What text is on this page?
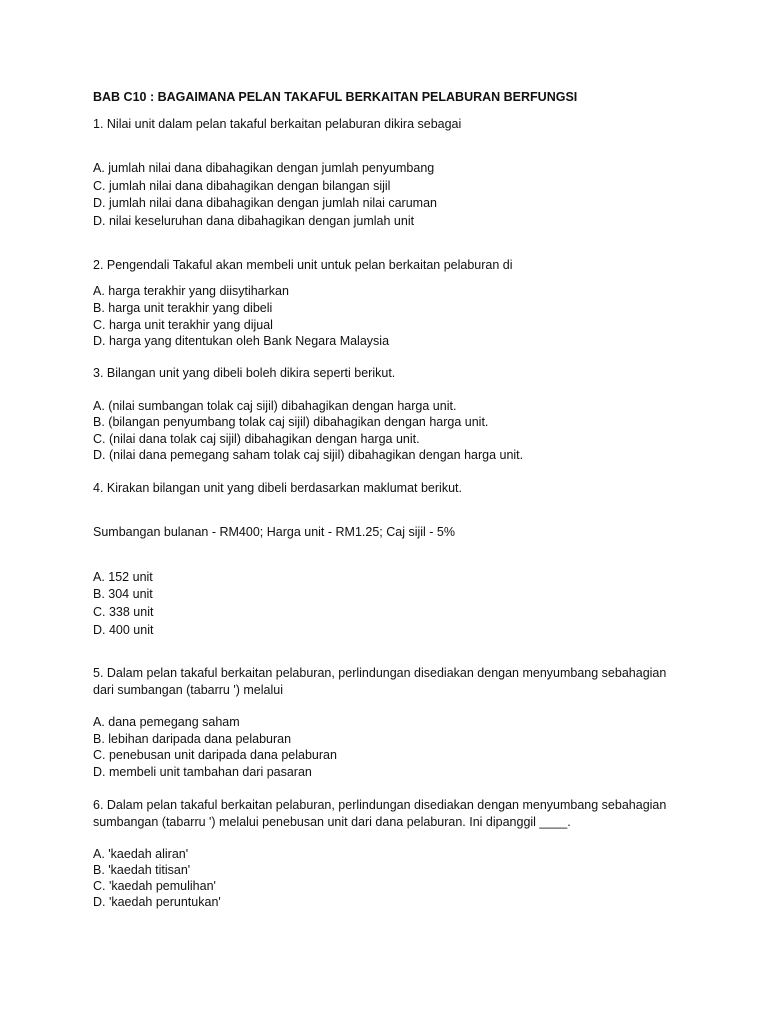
BAB C10 : BAGAIMANA PELAN TAKAFUL BERKAITAN PELABURAN BERFUNGSI

1. Nilai unit dalam pelan takaful berkaitan pelaburan dikira sebagai

A. jumlah nilai dana dibahagikan dengan jumlah penyumbang

C. jumlah nilai dana dibahagikan dengan bilangan sijil

D. jumlah nilai dana dibahagikan dengan jumlah nilai caruman

D. nilai keseluruhan dana dibahagikan dengan jumlah unit

2. Pengendali Takaful akan membeli unit untuk pelan berkaitan pelaburan di

A. harga terakhir yang diisytiharkan

B. harga unit terakhir yang dibeli

C. harga unit terakhir yang dijual

D. harga yang ditentukan oleh Bank Negara Malaysia

3. Bilangan unit yang dibeli boleh dikira seperti berikut.

A. (nilai sumbangan tolak caj sijil) dibahagikan dengan harga unit.

B. (bilangan penyumbang tolak caj sijil) dibahagikan dengan harga unit.

C. (nilai dana tolak caj sijil) dibahagikan dengan harga unit.

D. (nilai dana pemegang saham tolak caj sijil) dibahagikan dengan harga unit.

4. Kirakan bilangan unit yang dibeli berdasarkan maklumat berikut.

Sumbangan bulanan - RM400; Harga unit - RM1.25; Caj sijil - 5%

A. 152 unit

B. 304 unit

C. 338 unit

D. 400 unit

5. Dalam pelan takaful berkaitan pelaburan, perlindungan disediakan dengan menyumbang sebahagian

dari sumbangan (tabarru ') melalui

A. dana pemegang saham

B. lebihan daripada dana pelaburan

C. penebusan unit daripada dana pelaburan

D. membeli unit tambahan dari pasaran

6. Dalam pelan takaful berkaitan pelaburan, perlindungan disediakan dengan menyumbang sebahagian

sumbangan (tabarru ') melalui penebusan unit dari dana pelaburan. Ini dipanggil ____.

A. 'kaedah aliran'

B. 'kaedah titisan'

C. 'kaedah pemulihan'

D. 'kaedah peruntukan'
